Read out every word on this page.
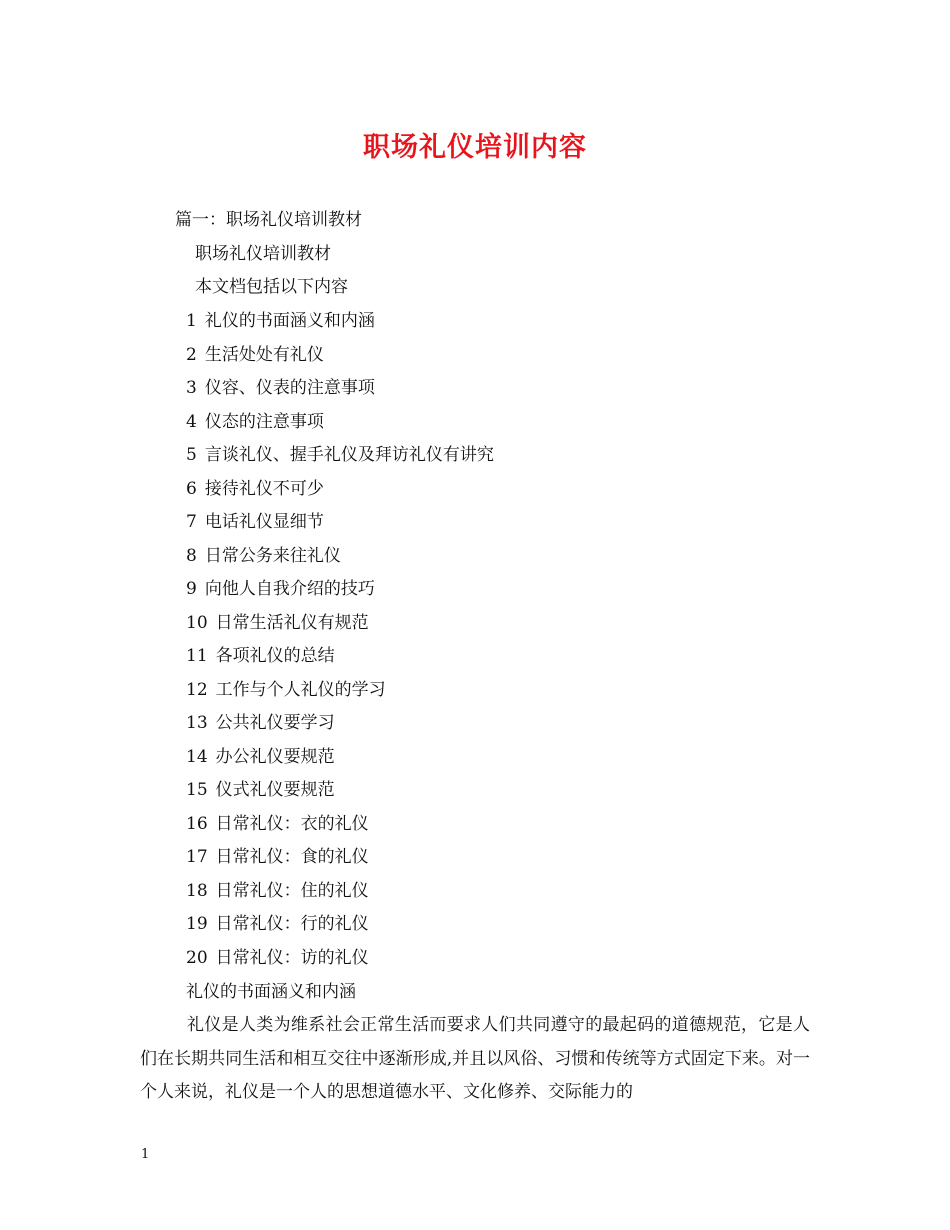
职场礼仪培训内容
篇一：职场礼仪培训教材
职场礼仪培训教材
本文档包括以下内容
1 礼仪的书面涵义和内涵
2 生活处处有礼仪
3 仪容、仪表的注意事项
4 仪态的注意事项
5 言谈礼仪、握手礼仪及拜访礼仪有讲究
6 接待礼仪不可少
7 电话礼仪显细节
8 日常公务来往礼仪
9 向他人自我介绍的技巧
10 日常生活礼仪有规范
11 各项礼仪的总结
12 工作与个人礼仪的学习
13 公共礼仪要学习
14 办公礼仪要规范
15 仪式礼仪要规范
16 日常礼仪：衣的礼仪
17 日常礼仪：食的礼仪
18 日常礼仪：住的礼仪
19 日常礼仪：行的礼仪
20 日常礼仪：访的礼仪
礼仪的书面涵义和内涵
礼仪是人类为维系社会正常生活而要求人们共同遵守的最起码的道德规范，它是人们在长期共同生活和相互交往中逐渐形成,并且以风俗、习惯和传统等方式固定下来。对一个人来说，礼仪是一个人的思想道德水平、文化修养、交际能力的
1
